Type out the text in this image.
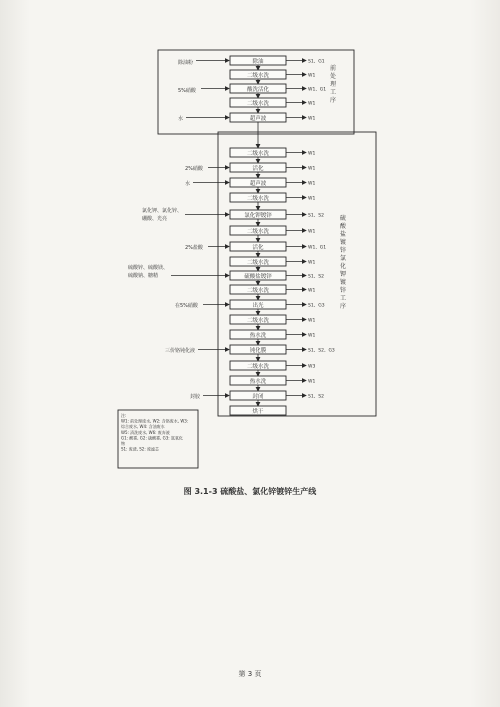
前处理工序
硫酸盐镀锌氯化钾镀锌工序
除油
二级水洗
酸洗活化
二级水洗
超声波
二级水洗
活化
超声波
二级水洗
氯化钾镀锌
二级水洗
活化
二级水洗
硫酸盐镀锌
二级水洗
出光
二级水洗
热水洗
钝化膜
二级水洗
热水洗
封闭
烘干
S1、G1
W1
W1、G1
W1
W1
W1
W1
W1
W1
S1、S2
W1
W1、G1
W1
S1、S2
W1
S1、G3
W1
W1
S1、S2、G3
W3
W1
S1、S2
除油粉
5%硝酸
水
2%硝酸
水
氯化钾、氯化锌、
硼酸、光亮
2%盐酸
硫酸锌、硫酸镁、
硫酸钠、糖精
在5%硝酸
三价铬钝化液
封胶
注:
W1: 前处理废水, W2: 含铬废水, W3:
综合废水, W4: 含油废水
W5: 清洗废水, W6: 废弃液
G1: 酸雾, G2: 硫酸雾, G3: 氮氧化
物
S1: 废渣, S2: 废滤芯
图 3.1-3 硫酸盐、氯化锌镀锌生产线
第 3 页
